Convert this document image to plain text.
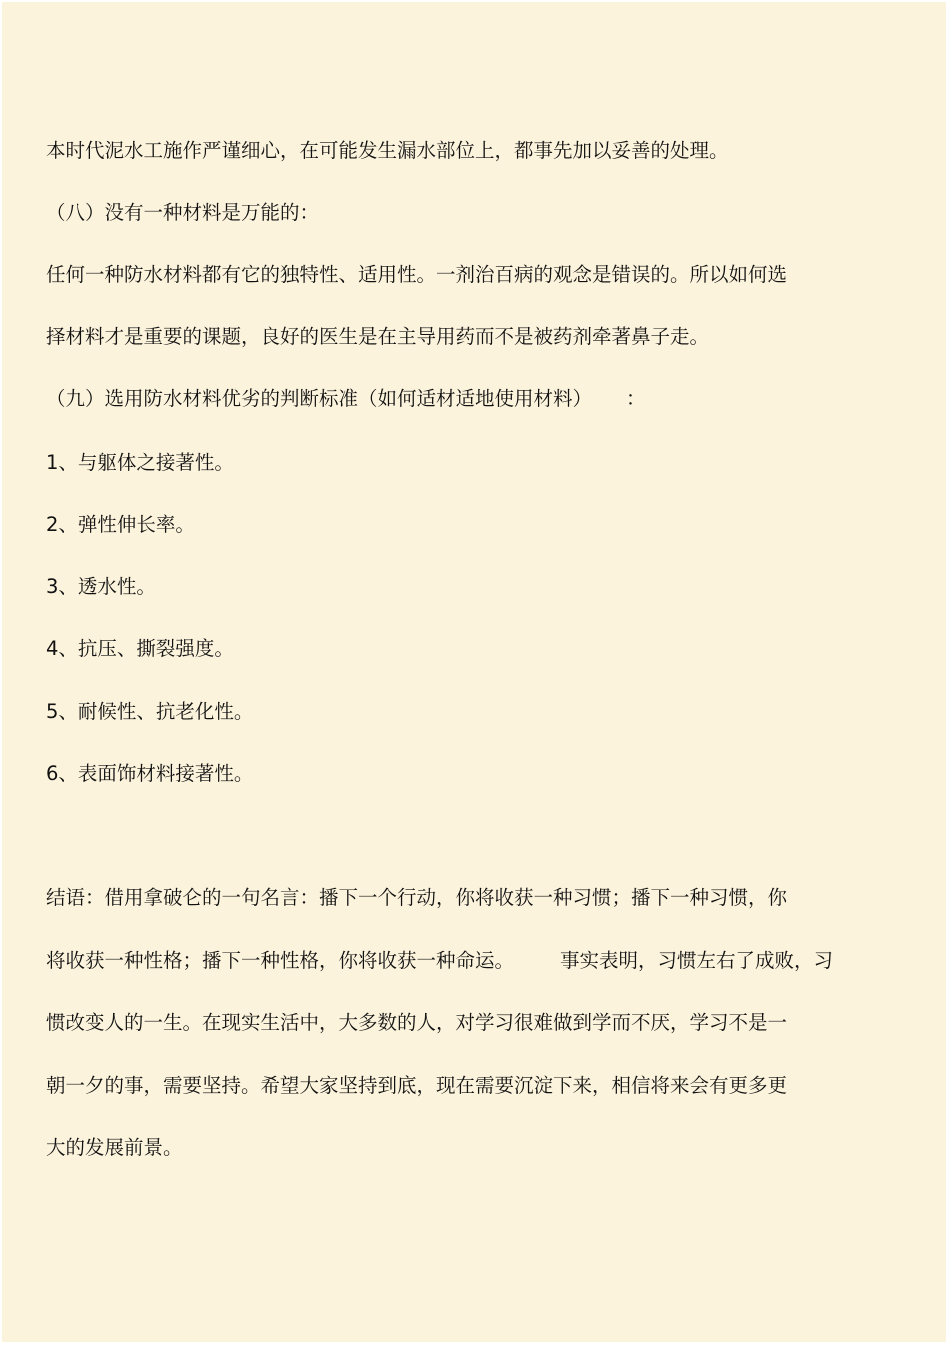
本时代泥水工施作严谨细心，在可能发生漏水部位上，都事先加以妥善的处理。

（八）没有一种材料是万能的：

任何一种防水材料都有它的独特性、适用性。一剂治百病的观念是错误的。所以如何选

择材料才是重要的课题，良好的医生是在主导用药而不是被药剂牵著鼻子走。

（九）选用防水材料优劣的判断标准（如何适材适地使用材料） ：

1、与躯体之接著性。

2、弹性伸长率。

3、透水性。

4、抗压、撕裂强度。

5、耐候性、抗老化性。

6、表面饰材料接著性。

结语：借用拿破仑的一句名言：播下一个行动，你将收获一种习惯；播下一种习惯，你

将收获一种性格；播下一种性格，你将收获一种命运。 事实表明，习惯左右了成败，习

惯改变人的一生。在现实生活中，大多数的人，对学习很难做到学而不厌，学习不是一

朝一夕的事，需要坚持。希望大家坚持到底，现在需要沉淀下来，相信将来会有更多更

大的发展前景。
